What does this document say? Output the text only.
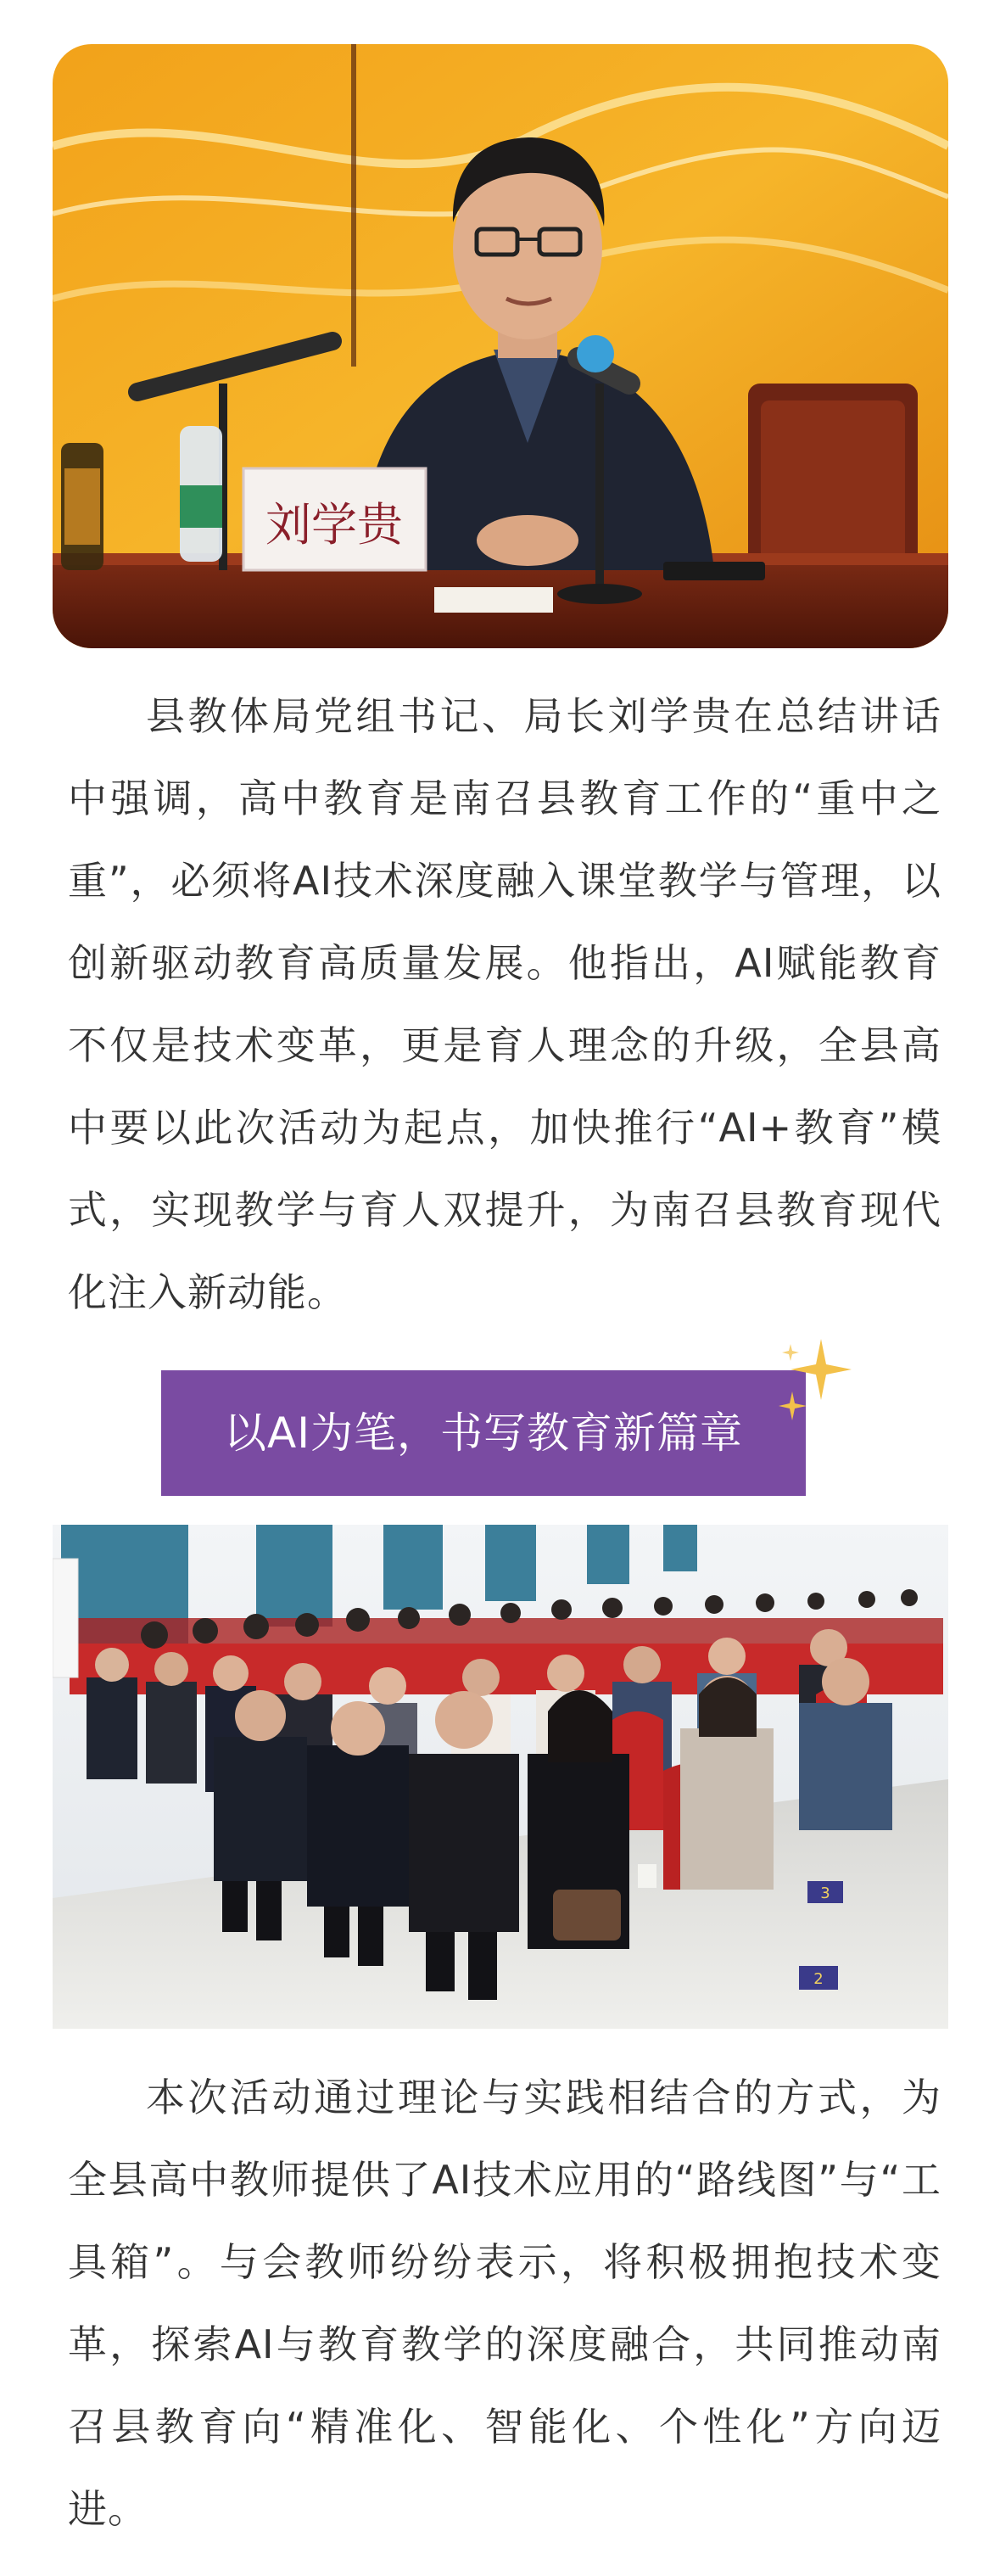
刘学贵

县教体局党组书记、局长刘学贵在总结讲话中强调，高中教育是南召县教育工作的“重中之重”，必须将AI技术深度融入课堂教学与管理，以创新驱动教育高质量发展。他指出，AI赋能教育不仅是技术变革，更是育人理念的升级，全县高中要以此次活动为起点，加快推行“AI+教育”模式，实现教学与育人双提升，为南召县教育现代化注入新动能。

以AI为笔，书写教育新篇章
3
2

本次活动通过理论与实践相结合的方式，为全县高中教师提供了AI技术应用的“路线图”与“工具箱”。与会教师纷纷表示，将积极拥抱技术变革，探索AI与教育教学的深度融合，共同推动南召县教育向“精准化、智能化、个性化”方向迈进。
